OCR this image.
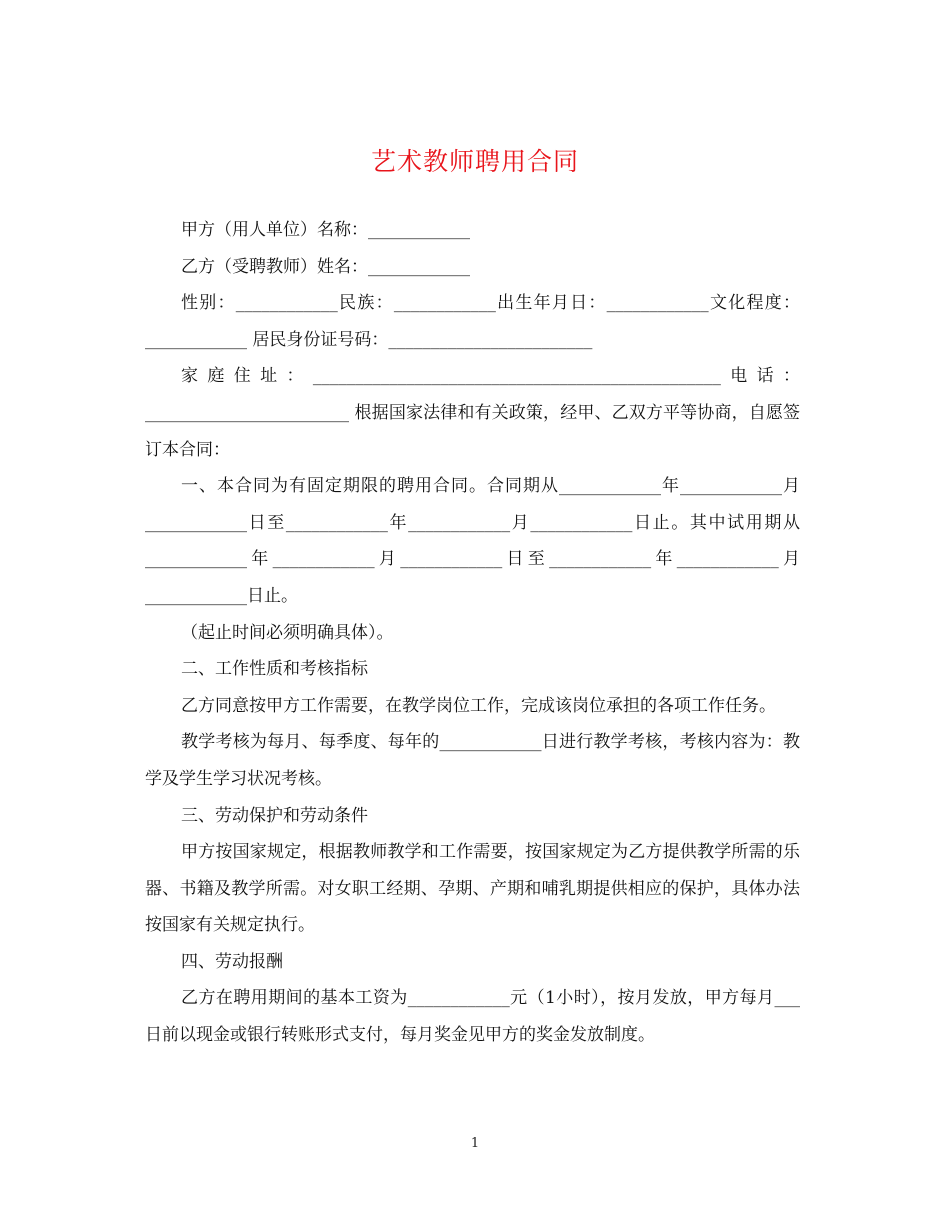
艺术教师聘用合同

甲方（用人单位）名称：____________

乙方（受聘教师）姓名：____________

性别：____________民族：____________出生年月日：____________文化程度：____________ 居民身份证号码：________________________

家庭住址：________________________________________________电话：________________________ 根据国家法律和有关政策，经甲、乙双方平等协商，自愿签订本合同：

一、本合同为有固定期限的聘用合同。合同期从____________年____________月____________日至____________年____________月____________日止。其中试用期从____________年____________月____________日至____________年____________月____________日止。

（起止时间必须明确具体）。

二、工作性质和考核指标

乙方同意按甲方工作需要，在教学岗位工作，完成该岗位承担的各项工作任务。

教学考核为每月、每季度、每年的____________日进行教学考核，考核内容为：教学及学生学习状况考核。

三、劳动保护和劳动条件

甲方按国家规定，根据教师教学和工作需要，按国家规定为乙方提供教学所需的乐器、书籍及教学所需。对女职工经期、孕期、产期和哺乳期提供相应的保护，具体办法按国家有关规定执行。

四、劳动报酬

乙方在聘用期间的基本工资为____________元（1小时），按月发放，甲方每月___日前以现金或银行转账形式支付，每月奖金见甲方的奖金发放制度。

1
